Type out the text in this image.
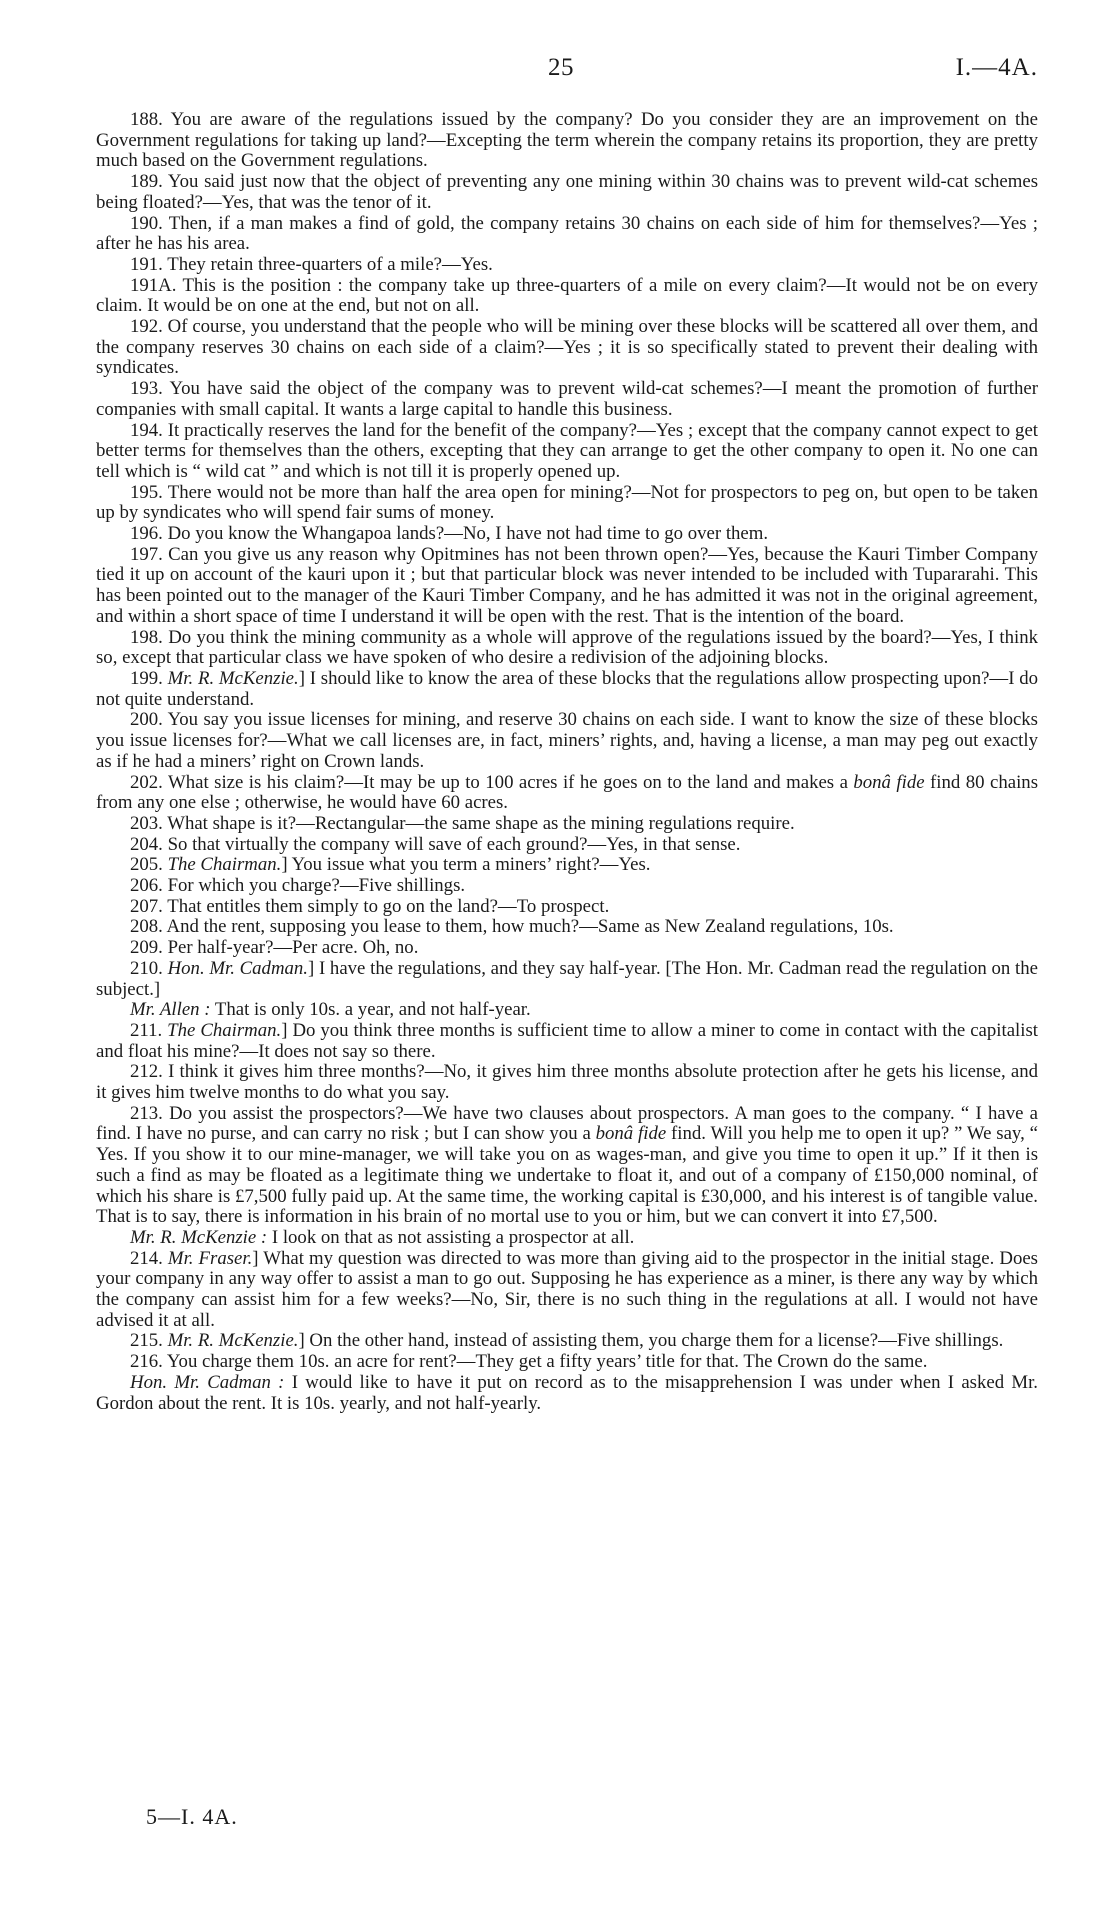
25	I.—4A.

188. You are aware of the regulations issued by the company? Do you consider they are an improvement on the Government regulations for taking up land?—Excepting the term wherein the company retains its proportion, they are pretty much based on the Government regulations.

189. You said just now that the object of preventing any one mining within 30 chains was to prevent wild-cat schemes being floated?—Yes, that was the tenor of it.

190. Then, if a man makes a find of gold, the company retains 30 chains on each side of him for themselves?—Yes ; after he has his area.

191. They retain three-quarters of a mile?—Yes.

191A. This is the position : the company take up three-quarters of a mile on every claim?—It would not be on every claim. It would be on one at the end, but not on all.

192. Of course, you understand that the people who will be mining over these blocks will be scattered all over them, and the company reserves 30 chains on each side of a claim?—Yes ; it is so specifically stated to prevent their dealing with syndicates.

193. You have said the object of the company was to prevent wild-cat schemes?—I meant the promotion of further companies with small capital. It wants a large capital to handle this business.

194. It practically reserves the land for the benefit of the company?—Yes ; except that the company cannot expect to get better terms for themselves than the others, excepting that they can arrange to get the other company to open it. No one can tell which is “ wild cat ” and which is not till it is properly opened up.

195. There would not be more than half the area open for mining?—Not for prospectors to peg on, but open to be taken up by syndicates who will spend fair sums of money.

196. Do you know the Whangapoa lands?—No, I have not had time to go over them.

197. Can you give us any reason why Opitmines has not been thrown open?—Yes, because the Kauri Timber Company tied it up on account of the kauri upon it ; but that particular block was never intended to be included with Tupararahi. This has been pointed out to the manager of the Kauri Timber Company, and he has admitted it was not in the original agreement, and within a short space of time I understand it will be open with the rest. That is the intention of the board.

198. Do you think the mining community as a whole will approve of the regulations issued by the board?—Yes, I think so, except that particular class we have spoken of who desire a redivision of the adjoining blocks.

199. Mr. R. McKenzie.] I should like to know the area of these blocks that the regulations allow prospecting upon?—I do not quite understand.

200. You say you issue licenses for mining, and reserve 30 chains on each side. I want to know the size of these blocks you issue licenses for?—What we call licenses are, in fact, miners’ rights, and, having a license, a man may peg out exactly as if he had a miners’ right on Crown lands.

202. What size is his claim?—It may be up to 100 acres if he goes on to the land and makes a bonâ fide find 80 chains from any one else ; otherwise, he would have 60 acres.

203. What shape is it?—Rectangular—the same shape as the mining regulations require.

204. So that virtually the company will save of each ground?—Yes, in that sense.

205. The Chairman.] You issue what you term a miners’ right?—Yes.

206. For which you charge?—Five shillings.

207. That entitles them simply to go on the land?—To prospect.

208. And the rent, supposing you lease to them, how much?—Same as New Zealand regulations, 10s.

209. Per half-year?—Per acre. Oh, no.

210. Hon. Mr. Cadman.] I have the regulations, and they say half-year. [The Hon. Mr. Cadman read the regulation on the subject.]

Mr. Allen : That is only 10s. a year, and not half-year.

211. The Chairman.] Do you think three months is sufficient time to allow a miner to come in contact with the capitalist and float his mine?—It does not say so there.

212. I think it gives him three months?—No, it gives him three months absolute protection after he gets his license, and it gives him twelve months to do what you say.

213. Do you assist the prospectors?—We have two clauses about prospectors. A man goes to the company. “ I have a find. I have no purse, and can carry no risk ; but I can show you a bonâ fide find. Will you help me to open it up? ” We say, “ Yes. If you show it to our mine-manager, we will take you on as wages-man, and give you time to open it up.” If it then is such a find as may be floated as a legitimate thing we undertake to float it, and out of a company of £150,000 nominal, of which his share is £7,500 fully paid up. At the same time, the working capital is £30,000, and his interest is of tangible value. That is to say, there is information in his brain of no mortal use to you or him, but we can convert it into £7,500.

Mr. R. McKenzie : I look on that as not assisting a prospector at all.

214. Mr. Fraser.] What my question was directed to was more than giving aid to the prospector in the initial stage. Does your company in any way offer to assist a man to go out. Supposing he has experience as a miner, is there any way by which the company can assist him for a few weeks?—No, Sir, there is no such thing in the regulations at all. I would not have advised it at all.

215. Mr. R. McKenzie.] On the other hand, instead of assisting them, you charge them for a license?—Five shillings.

216. You charge them 10s. an acre for rent?—They get a fifty years’ title for that. The Crown do the same.

Hon. Mr. Cadman : I would like to have it put on record as to the misapprehension I was under when I asked Mr. Gordon about the rent. It is 10s. yearly, and not half-yearly.

5—I. 4A.
